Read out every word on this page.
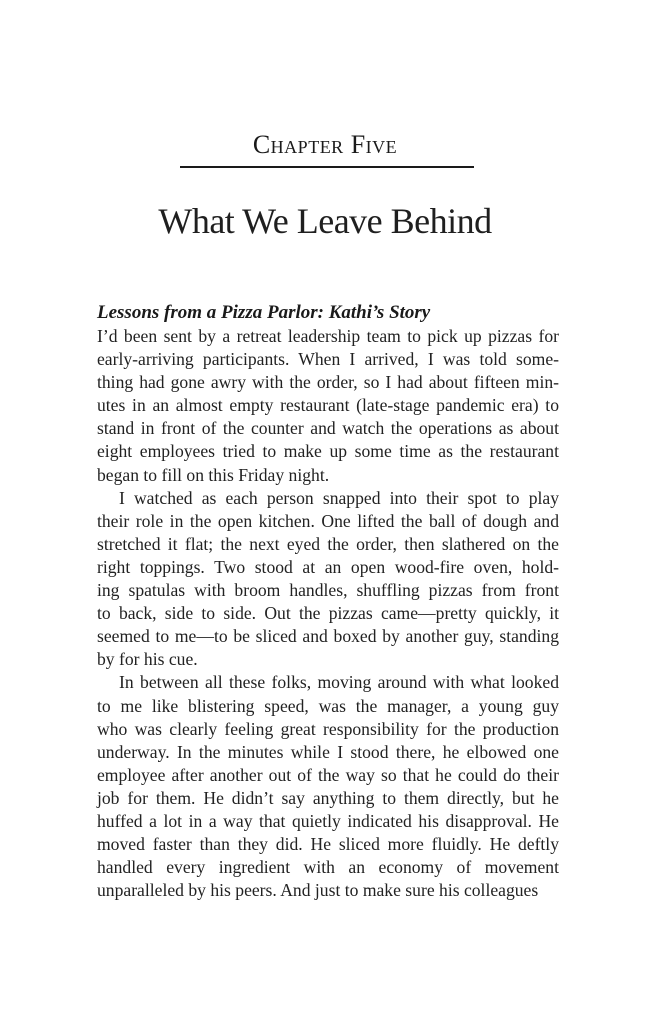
Chapter Five
What We Leave Behind
Lessons from a Pizza Parlor: Kathi’s Story

I’d been sent by a retreat leadership team to pick up pizzas for
early-arriving participants. When I arrived, I was told some-
thing had gone awry with the order, so I had about fifteen min-
utes in an almost empty restaurant (late-stage pandemic era) to
stand in front of the counter and watch the operations as about
eight employees tried to make up some time as the restaurant
began to fill on this Friday night.

I watched as each person snapped into their spot to play
their role in the open kitchen. One lifted the ball of dough and
stretched it flat; the next eyed the order, then slathered on the
right toppings. Two stood at an open wood-fire oven, hold-
ing spatulas with broom handles, shuffling pizzas from front
to back, side to side. Out the pizzas came—pretty quickly, it
seemed to me—to be sliced and boxed by another guy, standing
by for his cue.

In between all these folks, moving around with what looked
to me like blistering speed, was the manager, a young guy
who was clearly feeling great responsibility for the production
underway. In the minutes while I stood there, he elbowed one
employee after another out of the way so that he could do their
job for them. He didn’t say anything to them directly, but he
huffed a lot in a way that quietly indicated his disapproval. He
moved faster than they did. He sliced more fluidly. He deftly
handled every ingredient with an economy of movement
unparalleled by his peers. And just to make sure his colleagues
